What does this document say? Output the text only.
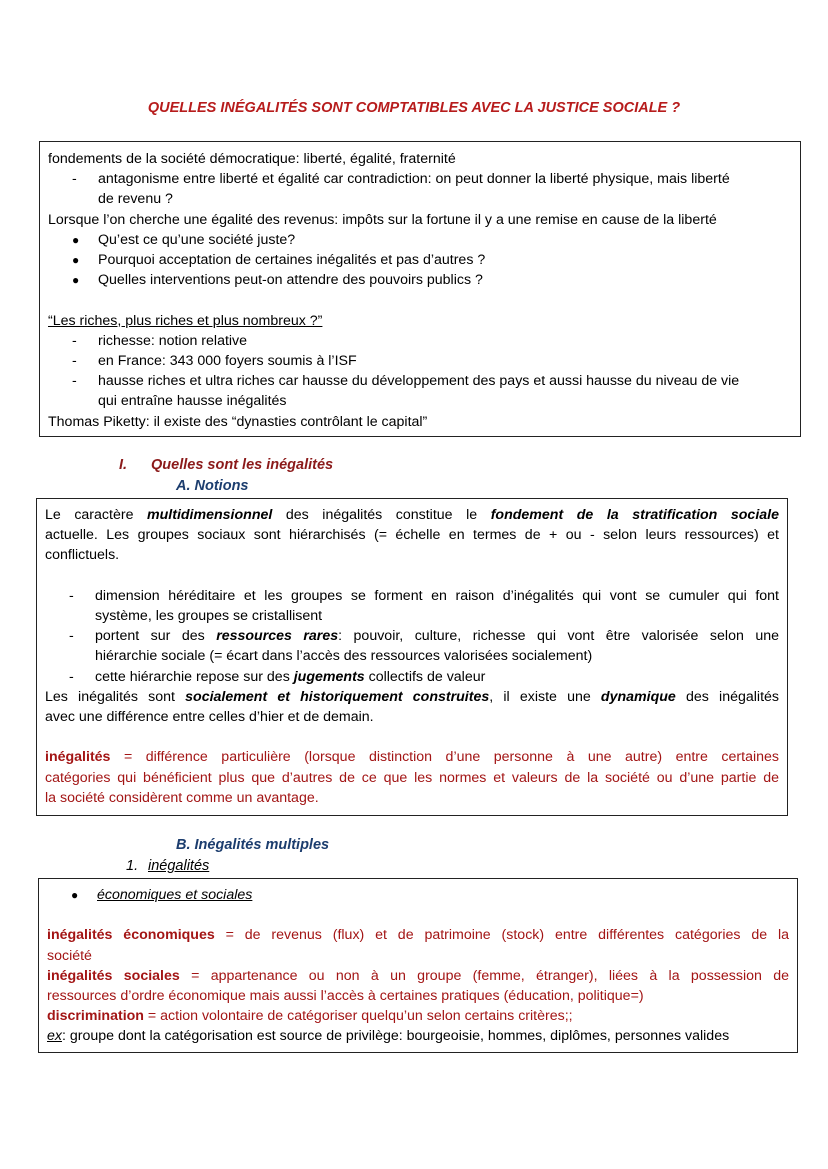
QUELLES INÉGALITÉS SONT COMPTATIBLES AVEC LA JUSTICE SOCIALE ?
fondements de la société démocratique: liberté, égalité, fraternité
- antagonisme entre liberté et égalité car contradiction: on peut donner la liberté physique, mais liberté
de revenu ?
Lorsque l’on cherche une égalité des revenus: impôts sur la fortune il y a une remise en cause de la liberté
● Qu’est ce qu’une société juste?
● Pourquoi acceptation de certaines inégalités et pas d’autres ?
● Quelles interventions peut-on attendre des pouvoirs publics ?
“Les riches, plus riches et plus nombreux ?”
- richesse: notion relative
- en France: 343 000 foyers soumis à l’ISF
- hausse riches et ultra riches car hausse du développement des pays et aussi hausse du niveau de vie
qui entraîne hausse inégalités
Thomas Piketty: il existe des “dynasties contrôlant le capital”
I. Quelles sont les inégalités
A. Notions
Le caractère multidimensionnel des inégalités constitue le fondement de la stratification sociale
actuelle. Les groupes sociaux sont hiérarchisés (= échelle en termes de + ou - selon leurs ressources) et
conflictuels.
- dimension héréditaire et les groupes se forment en raison d’inégalités qui vont se cumuler qui font
système, les groupes se cristallisent
- portent sur des ressources rares: pouvoir, culture, richesse qui vont être valorisée selon une
hiérarchie sociale (= écart dans l’accès des ressources valorisées socialement)
- cette hiérarchie repose sur des jugements collectifs de valeur
Les inégalités sont socialement et historiquement construites, il existe une dynamique des inégalités
avec une différence entre celles d’hier et de demain.
inégalités = différence particulière (lorsque distinction d’une personne à une autre) entre certaines
catégories qui bénéficient plus que d’autres de ce que les normes et valeurs de la société ou d’une partie de
la société considèrent comme un avantage.
B. Inégalités multiples
1. inégalités
● économiques et sociales
inégalités économiques = de revenus (flux) et de patrimoine (stock) entre différentes catégories de la
société
inégalités sociales = appartenance ou non à un groupe (femme, étranger), liées à la possession de
ressources d’ordre économique mais aussi l’accès à certaines pratiques (éducation, politique=)
discrimination = action volontaire de catégoriser quelqu’un selon certains critères;;
ex: groupe dont la catégorisation est source de privilège: bourgeoisie, hommes, diplômes, personnes valides
